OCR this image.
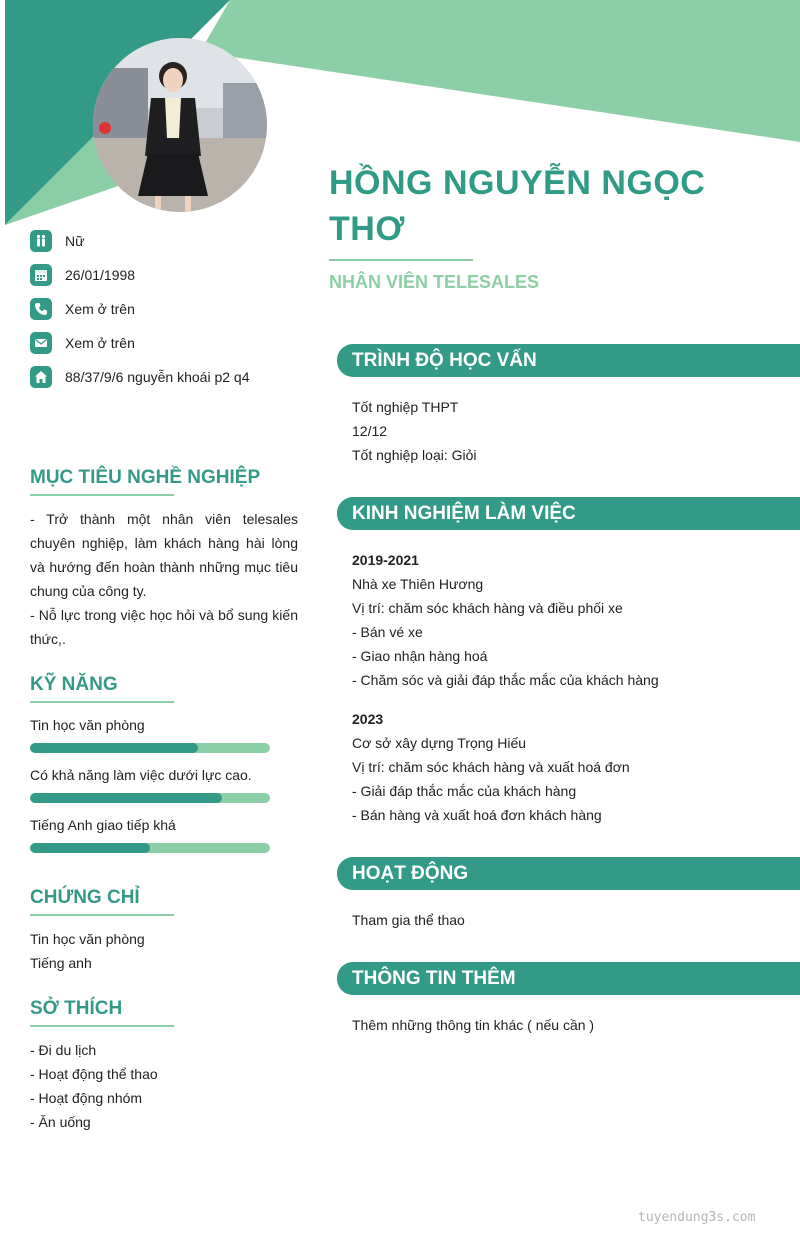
HỒNG NGUYỄN NGỌC THƠ
NHÂN VIÊN TELESALES
Nữ
26/01/1998
Xem ở trên
Xem ở trên
88/37/9/6 nguyễn khoái p2 q4
MỤC TIÊU NGHỀ NGHIỆP

- Trở thành một nhân viên telesales chuyên nghiệp, làm khách hàng hài lòng và hướng đến hoàn thành những mục tiêu chung của công ty.

- Nỗ lực trong việc học hỏi và bổ sung kiến thức,.

KỸ NĂNG
Tin học văn phòng
Có khả năng làm việc dưới lực cao.
Tiếng Anh giao tiếp khá
CHỨNG CHỈ
Tin học văn phòng
Tiếng anh
SỞ THÍCH
- Đi du lịch
- Hoạt động thể thao
- Hoạt động nhóm
- Ăn uống
TRÌNH ĐỘ HỌC VẤN
Tốt nghiệp THPT
12/12
Tốt nghiệp loại: Giỏi
KINH NGHIỆM LÀM VIỆC
2019-2021
Nhà xe Thiên Hương
Vị trí: chăm sóc khách hàng và điều phối xe
- Bán vé xe
- Giao nhận hàng hoá
- Chăm sóc và giải đáp thắc mắc của khách hàng
2023
Cơ sở xây dựng Trọng Hiếu
Vị trí: chăm sóc khách hàng và xuất hoá đơn
- Giải đáp thắc mắc của khách hàng
- Bán hàng và xuất hoá đơn khách hàng
HOẠT ĐỘNG
Tham gia thể thao
THÔNG TIN THÊM
Thêm những thông tin khác ( nếu cần )
tuyendung3s.com
